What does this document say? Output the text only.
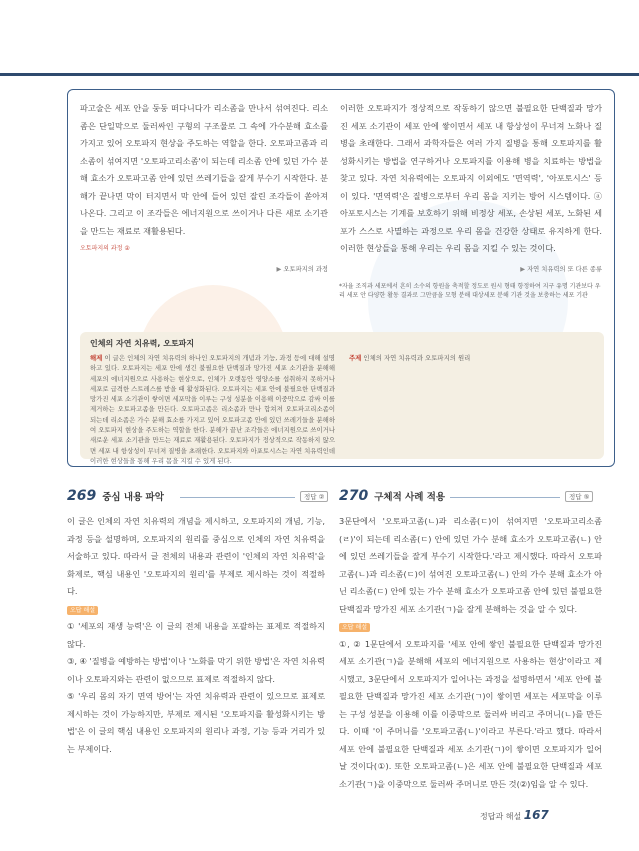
파고술은 세포 안을 둥둥 떠다니다가 리소좀을 만나서 섞여진다. 리소좀은 단일막으로 둘러싸인 구형의 구조물로 그 속에 가수분해 효소를 가지고 있어 오토파지 현상을 주도하는 역할을 한다. 오토파고좀과 리소좀이 섞여지면 '오토파고리소좀'이 되는데 리소좀 안에 있던 가수 분해 효소가 오토파고좀 안에 있던 쓰레기들을 잘게 부수기 시작한다. 분해가 끝나면 막이 터지면서 막 안에 들어 있던 잘린 조각들이 쏟아져 나온다. 그리고 이 조각들은 에너지원으로 쓰이거나 다른 새로 소기관을 만드는 재료로 재활용된다.

오토파지의 과정 ②
▶ 오토파지의 과정

이러한 오토파지가 정상적으로 작동하기 않으면 불필요한 단백질과 망가진 세포 소기관이 세포 안에 쌓이면서 세포 내 항상성이 무너져 노화나 질병을 초래한다. 그래서 과학자들은 여러 가지 질병을 통해 오토파지를 활성화시키는 방법을 연구하거나 오토파지를 이용해 병을 치료하는 방법을 찾고 있다. 자연 치유력에는 오토파지 이외에도 '면역력', '아포토시스' 등이 있다. '면역력'은 질병으로부터 우리 몸을 지키는 방어 시스템이다. ⓐ아포토시스는 기계를 보호하기 위해 비정상 세포, 손상된 세포, 노화된 세포가 스스로 사멸하는 과정으로 우리 몸을 건강한 상태로 유지하게 한다. 이러한 현상들을 통해 우리는 우리 몸을 지킬 수 있는 것이다.

▶ 자연 치유력의 또 다른 종류
*자율 조직과 세포에서 흔히 소수의 항원을 축적할 정도로 원시 형태 항정하여 지구 유명 기관보다 우리 세포 안 다양한 활동 결과로 그만큼을 모형 분해 대상세포 분해 기관 것을 보충하는 세포 기관
인체의 자연 치유력, 오토파지
해제 이 글은 인체의 자연 치유력의 하나인 오토파지의 개념과 기능, 과정 등에 대해 설명하고 있다. 오토파지는 세포 안에 생긴 불필요한 단백질과 망가진 세포 소기관을 분해해 세포의 에너지원으로 사용하는 현상으로, 인체가 오랫동안 영양소를 섭취하지 못하거나 세포로 급격한 스트레스를 받을 때 활성화된다. 오토파지는 세포 안에 불필요한 단백질과 망가진 세포 소기관이 쌓이면 세포막을 이루는 구성 성분을 이용해 이중막으로 감싸 이를 제거하는 오토파고좀을 만든다. 오토파고좀은 리소좀과 만나 합쳐져 오토파고리소좀이 되는데 리소좀은 가수 분해 효소를 가지고 있어 오토파고좀 안에 있던 쓰레기들을 분해하여 오토파지 현상을 주도하는 역할을 한다. 분해가 끝난 조각들은 에너지원으로 쓰이거나 새로운 세포 소기관을 만드는 재료로 재활용된다. 오토파지가 정상적으로 작동하지 않으면 세포 내 항상성이 무너져 질병을 초래한다. 오토파지와 아포토시스는 자연 치유력인데 이러한 현상들을 통해 우리 몸을 지킬 수 있게 된다.
주제 인체의 자연 치유력과 오토파지의 원리
269 중심 내용 파악	정답 ②

이 글은 인체의 자연 치유력의 개념을 제시하고, 오토파지의 개념, 기능, 과정 등을 설명하며, 오토파지의 원리를 중심으로 인체의 자연 치유력을 서술하고 있다. 따라서 글 전체의 내용과 관련이 '인체의 자연 치유력'을 화제로, 핵심 내용인 '오토파지의 원리'를 부제로 제시하는 것이 적절하다.

오답 해설

① '세포의 재생 능력'은 이 글의 전체 내용을 포괄하는 표제로 적절하지 않다.

③, ④ '질병을 예방하는 방법'이나 '노화를 막기 위한 방법'은 자연 치유력이나 오토파지와는 관련이 없으므로 표제로 적절하지 않다.

⑤ '우리 몸의 자기 면역 방어'는 자연 치유력과 관련이 있으므로 표제로 제시하는 것이 가능하지만, 부제로 제시된 '오토파지를 활성화시키는 방법'은 이 글의 핵심 내용인 오토파지의 원리나 과정, 기능 등과 거리가 있는 부제이다.

270 구체적 사례 적용	정답 ⑤

3문단에서 '오토파고좀(ㄴ)과 리소좀(ㄷ)이 섞여지면 '오토파고리소좀(ㄹ)'이 되는데 리소좀(ㄷ) 안에 있던 가수 분해 효소가 오토파고좀(ㄴ) 안에 있던 쓰레기들을 잘게 부수기 시작한다.'라고 제시했다. 따라서 오토파고좀(ㄴ)과 리소좀(ㄷ)이 섞여진 오토파고좀(ㄴ) 안의 가수 분해 효소가 아닌 리소좀(ㄷ) 안에 있는 가수 분해 효소가 오토파고좀 안에 있던 불필요한 단백질과 망가진 세포 소기관(ㄱ)을 잘게 분해하는 것을 알 수 있다.

오답 해설

①, ② 1문단에서 오토파지를 '세포 안에 쌓인 불필요한 단백질과 망가진 세포 소기관(ㄱ)을 분해해 세포의 에너지원으로 사용하는 현상'이라고 제시했고, 3문단에서 오토파지가 일어나는 과정을 설명하면서 '세포 안에 불필요한 단백질과 망가진 세포 소기관(ㄱ)이 쌓이면 세포는 세포막을 이루는 구성 성분을 이용해 이를 이중막으로 둘러싸 버리고 주머니(ㄴ)를 만든다. 이때 '이 주머니를 '오토파고좀(ㄴ)'이라고 부른다.'라고 했다. 따라서 세포 안에 불필요한 단백질과 세포 소기관(ㄱ)이 쌓이면 오토파지가 일어날 것이다(①). 또한 오토파고좀(ㄴ)은 세포 안에 불필요한 단백질과 세포 소기관(ㄱ)을 이중막으로 둘러싸 주머니로 만든 것(②)임을 알 수 있다.

정답과 해설 167
